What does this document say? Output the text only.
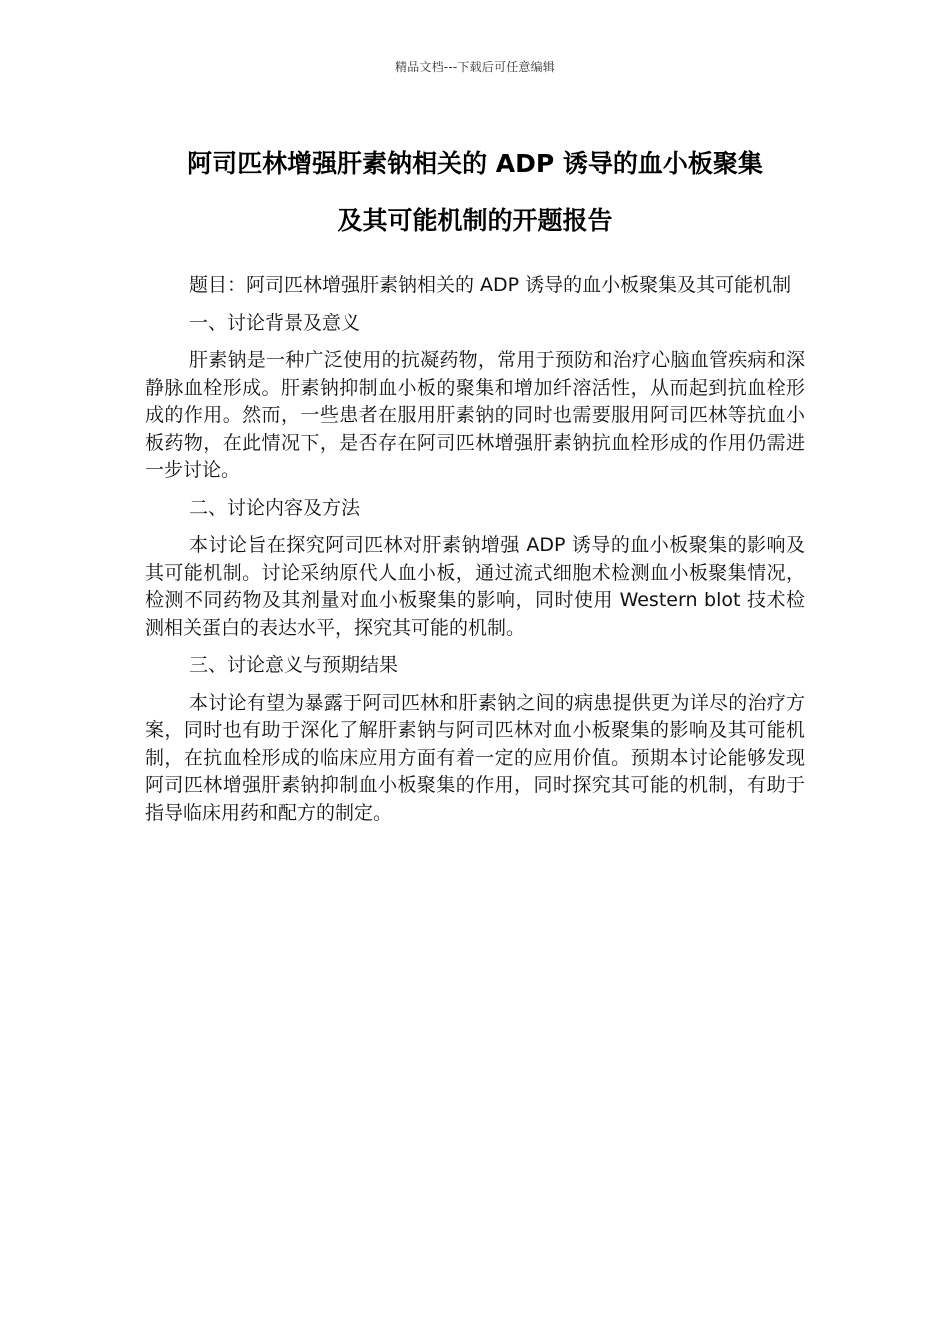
精品文档---下载后可任意编辑
阿司匹林增强肝素钠相关的 ADP 诱导的血小板聚集
及其可能机制的开题报告

题目：阿司匹林增强肝素钠相关的 ADP 诱导的血小板聚集及其可能机制

一、讨论背景及意义

肝素钠是一种广泛使用的抗凝药物，常用于预防和治疗心脑血管疾病和深静脉血栓形成。肝素钠抑制血小板的聚集和增加纤溶活性，从而起到抗血栓形成的作用。然而，一些患者在服用肝素钠的同时也需要服用阿司匹林等抗血小板药物，在此情况下，是否存在阿司匹林增强肝素钠抗血栓形成的作用仍需进一步讨论。

二、讨论内容及方法

本讨论旨在探究阿司匹林对肝素钠增强 ADP 诱导的血小板聚集的影响及其可能机制。讨论采纳原代人血小板，通过流式细胞术检测血小板聚集情况，检测不同药物及其剂量对血小板聚集的影响，同时使用 Western blot 技术检测相关蛋白的表达水平，探究其可能的机制。

三、讨论意义与预期结果

本讨论有望为暴露于阿司匹林和肝素钠之间的病患提供更为详尽的治疗方案，同时也有助于深化了解肝素钠与阿司匹林对血小板聚集的影响及其可能机制，在抗血栓形成的临床应用方面有着一定的应用价值。预期本讨论能够发现阿司匹林增强肝素钠抑制血小板聚集的作用，同时探究其可能的机制，有助于指导临床用药和配方的制定。
